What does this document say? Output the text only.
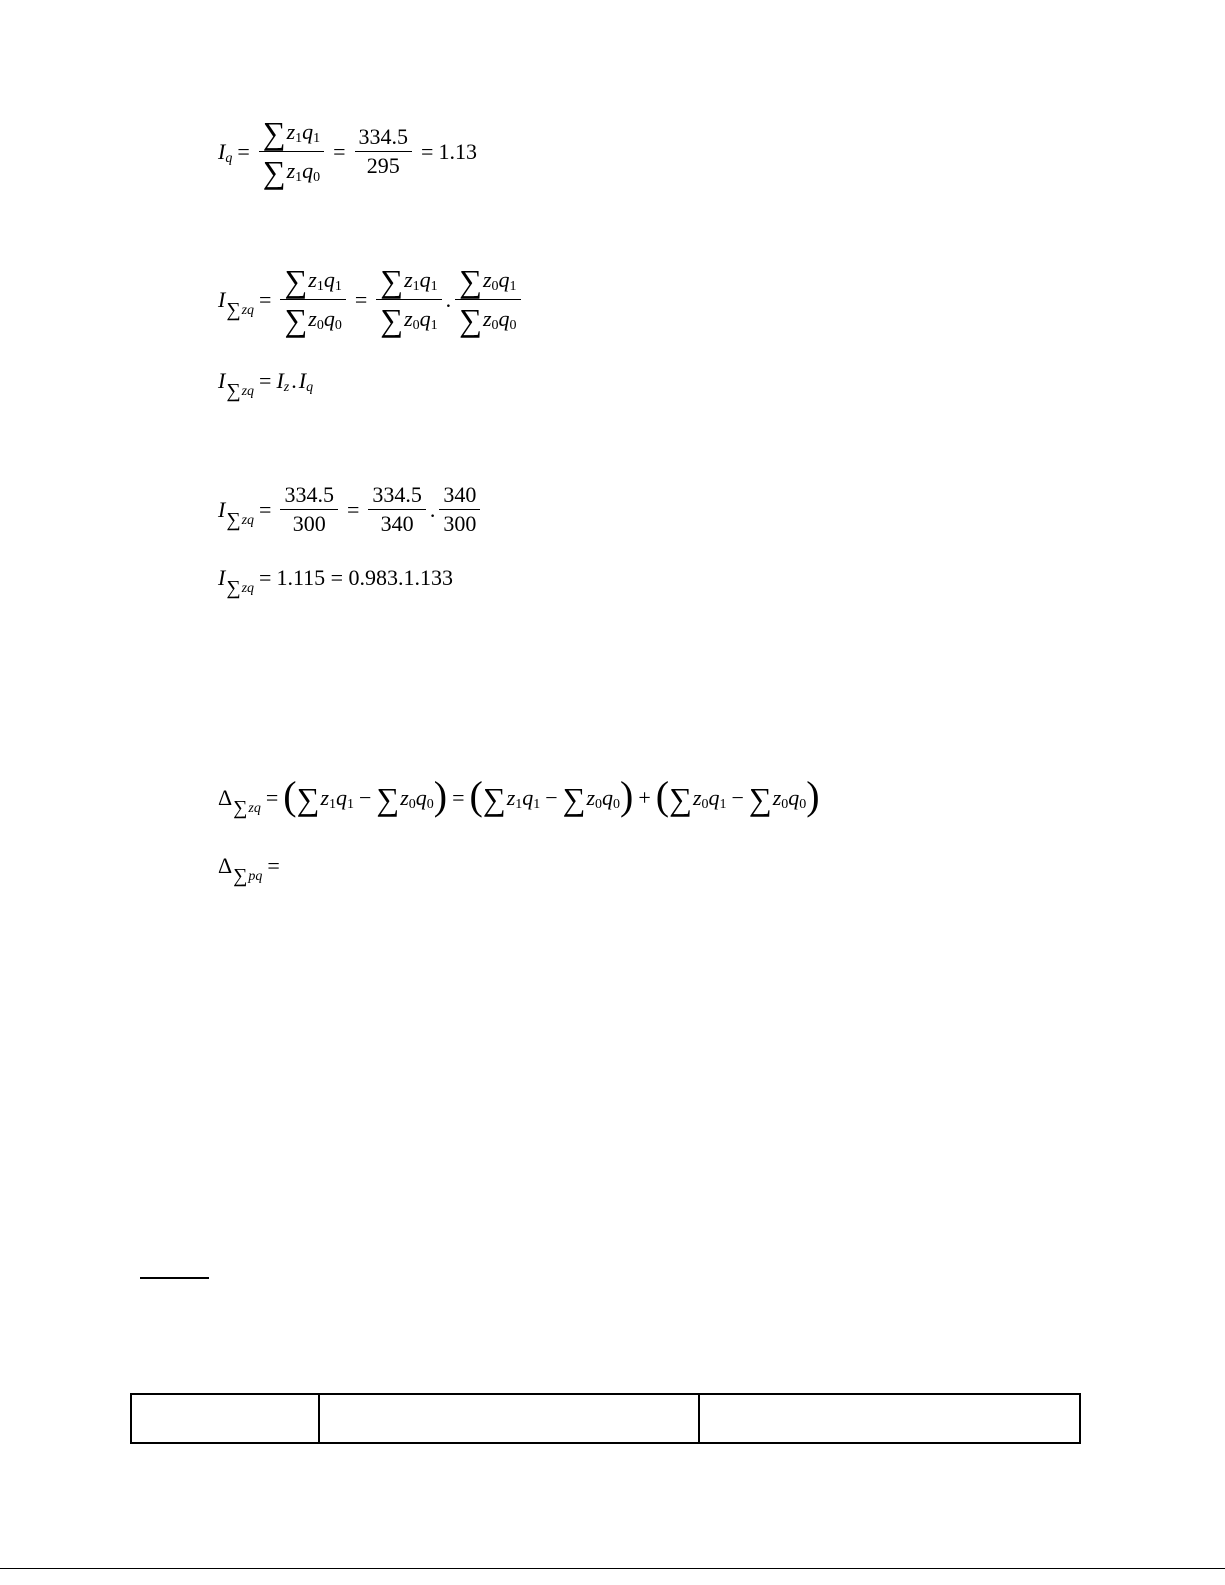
I $q = \frac{\sum z 1 q 1}{\sum z 1 q 0} = \frac{334.5}{295} = 1.13$
I ∑ zq = $\frac{\sum z 1 q 1}{\sum z 0 q 0} = \frac{\sum z 1 q 1}{\sum z 0 q 1}$ . $\frac{\sum z 0 q 1}{\sum z 0 q 0}$
I ∑ zq = I z . I q
I ∑ zq = $\frac{334.5}{300} = \frac{334.5}{340}$ . $\frac{340}{300}$
I ∑ zq = 1.115 = 0.983.1.133
Δ ∑ zq = ( ∑ z 1 q 1 − ∑ z 0 q 0 ) = ( ∑ z 1 q 1 − ∑ z 0 q 0 ) + ( ∑ z 0 q 1 − ∑ z 0 q 0 )
Δ ∑ pq =
